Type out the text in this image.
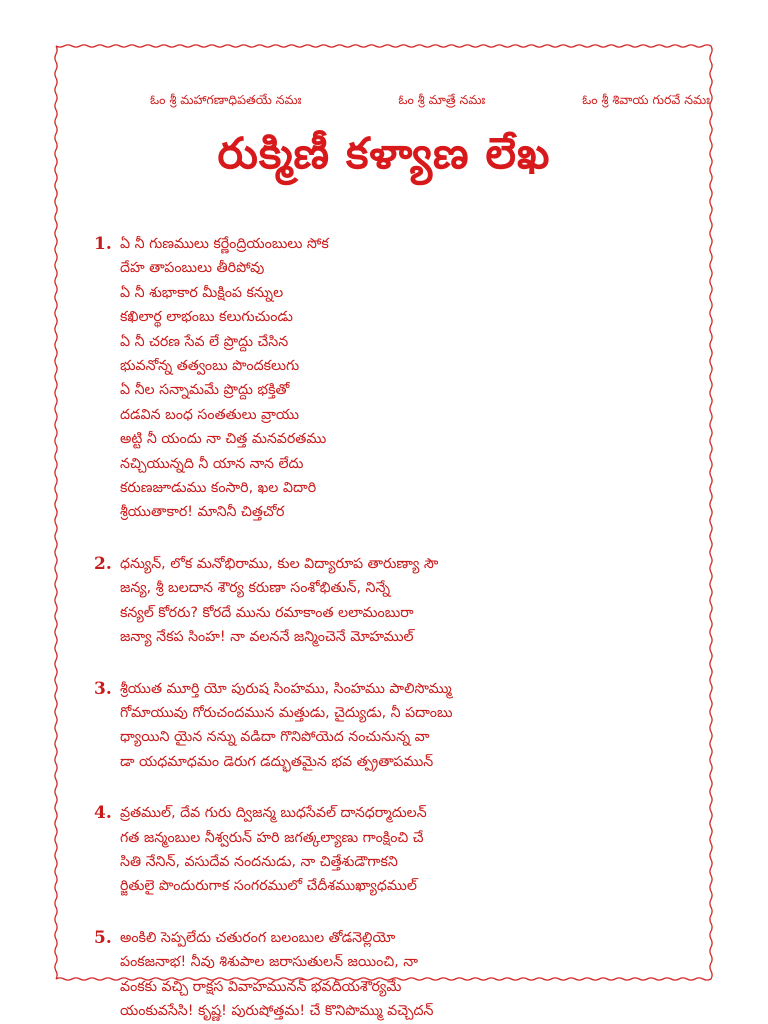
ఓం శ్రీ మహాగణాధిపతయే నమః	ఓం శ్రీ మాత్రే నమః	ఓం శ్రీ శివాయ గురవే నమః
రుక్మిణీ కళ్యాణ లేఖ
1. ఏ నీ గుణములు కర్ణేంద్రియంబులు సోక
దేహ తాపంబులు తీరిపోవు
ఏ నీ శుభాకార మీక్షింప కన్నుల
కఖిలార్థ లాభంబు కలుగుచుండు
ఏ నీ చరణ సేవ లే ప్రొద్దు చేసిన
భువనోన్న తత్వంబు పొందకలుగు
ఏ నీల సన్నామమే ప్రొద్దు భక్తితో
దడవిన బంధ సంతతులు వ్రాయు
అట్టి నీ యందు నా చిత్త మనవరతము
నచ్చియున్నది నీ యాన నాన లేదు
కరుణజూడుము కంసారి, ఖల విదారి
శ్రీయుతాకార! మానినీ చిత్తచోర
2. ధన్యున్, లోక మనోభిరాము, కుల విద్యారూప తారుణ్యా సౌ
జన్య, శ్రీ బలదాన శౌర్య కరుణా సంశోభితున్, నిన్నే
కన్యల్ కోరరు? కోరదే మును రమాకాంత లలామంబురా
జన్యా నేకప సింహ! నా వలననే జన్మించెనే మోహముల్
3. శ్రీయుత మూర్తి యో పురుష సింహము, సింహము పాలిసొమ్ము
గోమాయువు గోరుచందమున మత్తుడు, చైద్యుడు, నీ పదాంబు
ధ్యాయిని యైన నన్ను వడిదా గొనిపోయెద నంచునున్న వా
డా యధమాధమం డెరుగ డద్భుతమైన భవ త్ప్రతాపమున్
4. వ్రతముల్, దేవ గురు ద్విజన్మ బుధసేవల్ దానధర్మాదులన్
గత జన్మంబుల నీశ్వరున్ హరి జగత్కల్యాణు గాంక్షించి చే
సితి నేనిన్, వసుదేవ నందనుడు, నా చిత్తేశుడౌగాకని
ర్జితులై పొందురుగాక సంగరములో చేదీశముఖ్యాధముల్
5. అంకిలి సెప్పలేదు చతురంగ బలంబుల తోడనెల్లియో
పంకజనాభ! నీవు శిశుపాల జరాసుతులన్ జయించి, నా
వంకకు వచ్చి రాక్షస వివాహమునన్ భవదీయశౌర్యమే
యంకువసేసి! కృష్ణ! పురుషోత్తమ! చే కొనిపొమ్ము వచ్చెదన్
